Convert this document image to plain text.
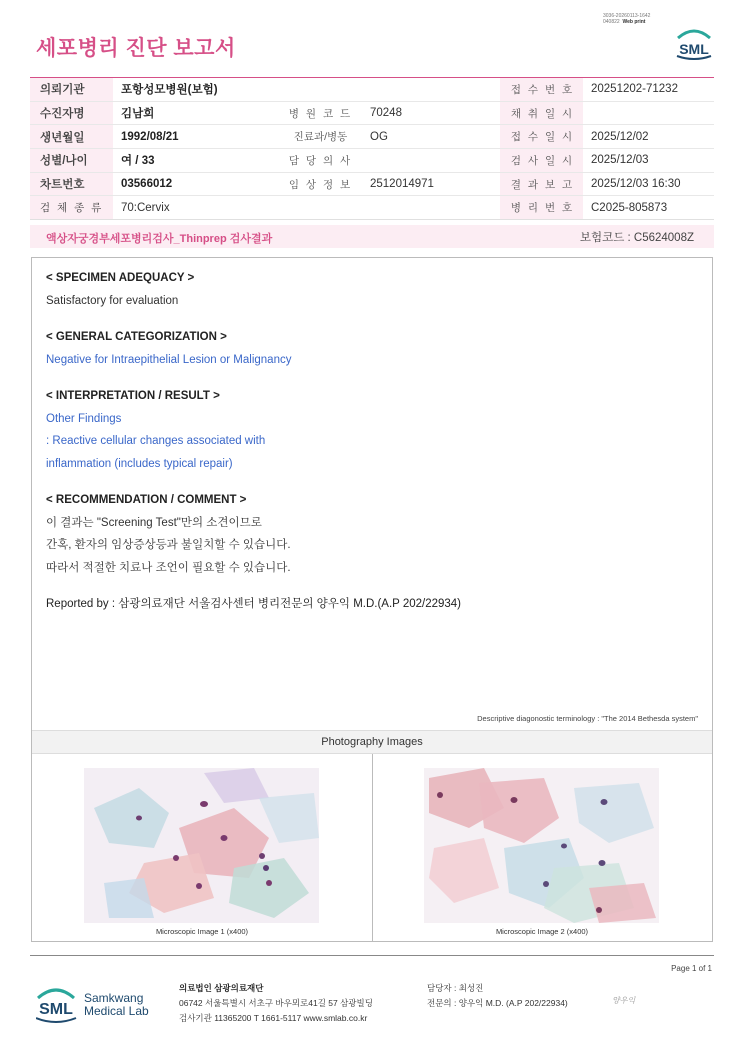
3036-20260113-1642
040822 Web print
세포병리 진단 보고서	SML
의뢰기관	포항성모병원(보험)			접 수 번 호	20251202-71232
수진자명	김남희	병 원 코 드	70248	채 취 일 시	
생년월일	1992/08/21	진료과/병동	OG	접 수 일 시	2025/12/02
성별/나이	여 / 33	담 당 의 사		검 사 일 시	2025/12/03
차트번호	03566012	임 상 정 보	2512014971	결 과 보 고	2025/12/03 16:30
검 체 종 류	70:Cervix			병 리 번 호	C2025-805873
액상자궁경부세포병리검사_Thinprep 검사결과	보험코드 : C5624008Z
< SPECIMEN ADEQUACY >
Satisfactory for evaluation
< GENERAL CATEGORIZATION >
Negative for Intraepithelial Lesion or Malignancy
< INTERPRETATION / RESULT >
Other Findings
: Reactive cellular changes associated with
inflammation (includes typical repair)
< RECOMMENDATION / COMMENT >
이 결과는 "Screening Test"만의 소견이므로
간혹, 환자의 임상증상등과 불일치할 수 있습니다.
따라서 적절한 치료나 조언이 필요할 수 있습니다.
Reported by : 삼광의료재단 서울검사센터 병리전문의 양우익 M.D.(A.P 202/22934)
Descriptive diagonostic terminology : "The 2014 Bethesda system"
Photography Images
Microscopic Image 1 (x400)	Microscopic Image 2 (x400)
Page 1 of 1
SML
Samkwang
Medical Lab
의료법인 삼광의료재단
06742 서울특별시 서초구 바우뫼로41길 57 삼광빌딩
검사기관 11365200 T 1661-5117 www.smlab.co.kr
담당자 : 최성진
전문의 : 양우익 M.D. (A.P 202/22934)	양우익
